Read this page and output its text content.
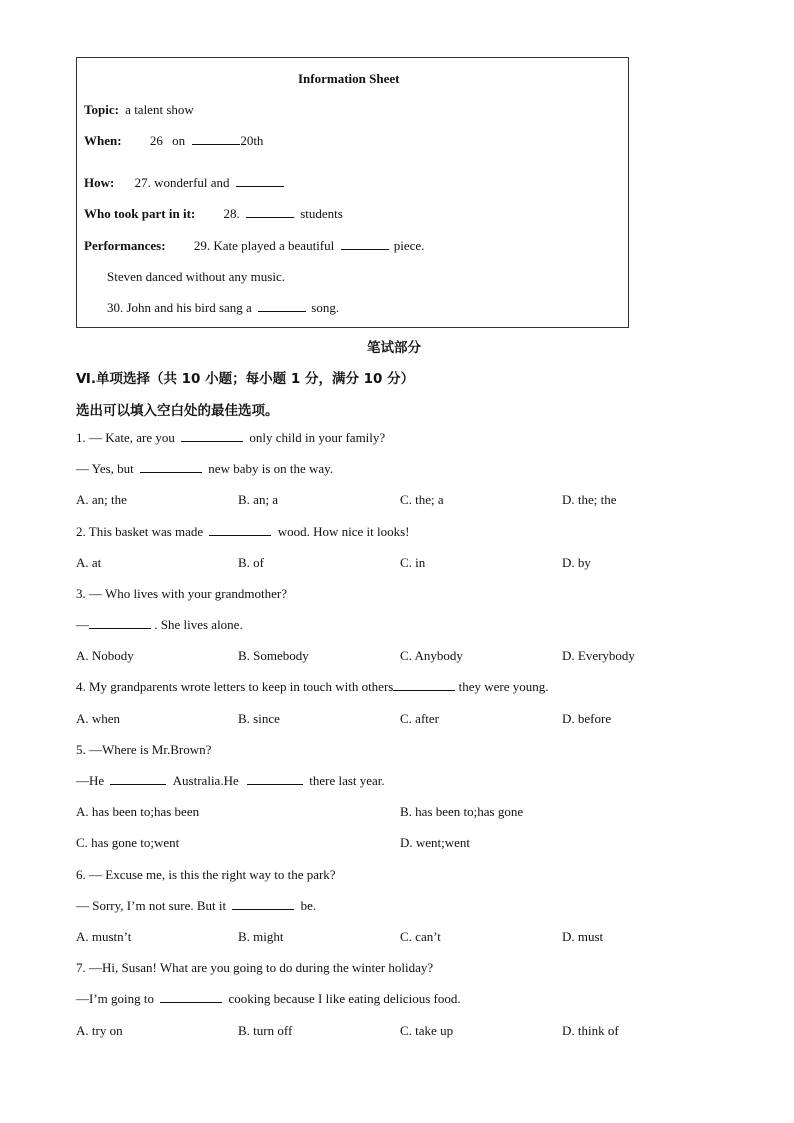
Information Sheet
Topic: a talent show
When: 26 on	20th
How: 27. wonderful and
Who took part in it: 28.	students
Performances: 29. Kate played a beautiful	piece.
Steven danced without any music.
30. John and his bird sang a	song.
笔试部分
Ⅵ.单项选择（共 10 小题；每小题 1 分，满分 10 分）
选出可以填入空白处的最佳选项。
1. — Kate, are you	only child in your family?
— Yes, but	new baby is on the way.
A. an; the	B. an; a	C. the; a	D. the; the
2. This basket was made	wood. How nice it looks!
A. at	B. of	C. in	D. by
3. — Who lives with your grandmother?
—	. She lives alone.
A. Nobody	B. Somebody	C. Anybody	D. Everybody
4. My grandparents wrote letters to keep in touch with others	they were young.
A. when	B. since	C. after	D. before
5. —Where is Mr.Brown?
—He	Australia.He	there last year.
A. has been to;has been	B. has been to;has gone
C. has gone to;went	D. went;went
6. — Excuse me, is this the right way to the park?
— Sorry, I’m not sure. But it	be.
A. mustn’t	B. might	C. can’t	D. must
7. —Hi, Susan! What are you going to do during the winter holiday?
—I’m going to	cooking because I like eating delicious food.
A. try on	B. turn off	C. take up	D. think of
